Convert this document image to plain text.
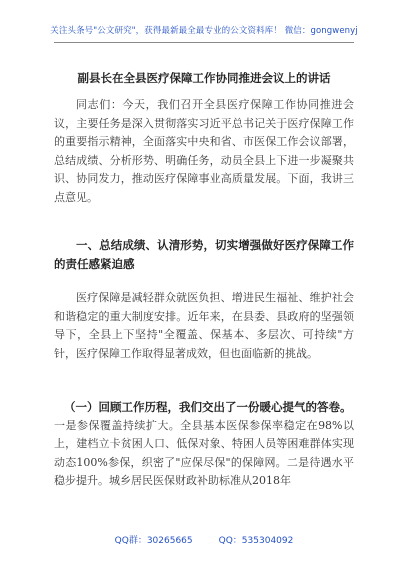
关注头条号"公文研究"，获得最新最全最专业的公文资料库！ 微信：gongwenyj
副县长在全县医疗保障工作协同推进会议上的讲话

同志们：今天，我们召开全县医疗保障工作协同推进会议，主要任务是深入贯彻落实习近平总书记关于医疗保障工作的重要指示精神，全面落实中央和省、市医保工作会议部署，总结成绩、分析形势、明确任务，动员全县上下进一步凝聚共识、协同发力，推动医疗保障事业高质量发展。下面，我讲三点意见。

一、总结成绩、认清形势，切实增强做好医疗保障工作的责任感紧迫感

医疗保障是减轻群众就医负担、增进民生福祉、维护社会和谐稳定的重大制度安排。近年来，在县委、县政府的坚强领导下，全县上下坚持"全覆盖、保基本、多层次、可持续"方针，医疗保障工作取得显著成效，但也面临新的挑战。

（一）回顾工作历程，我们交出了一份暖心提气的答卷。
一是参保覆盖持续扩大。全县基本医保参保率稳定在98%以上，建档立卡贫困人口、低保对象、特困人员等困难群体实现动态100%参保，织密了"应保尽保"的保障网。二是待遇水平稳步提升。城乡居民医保财政补助标准从2018年

QQ群：30265665	QQ：535304092
